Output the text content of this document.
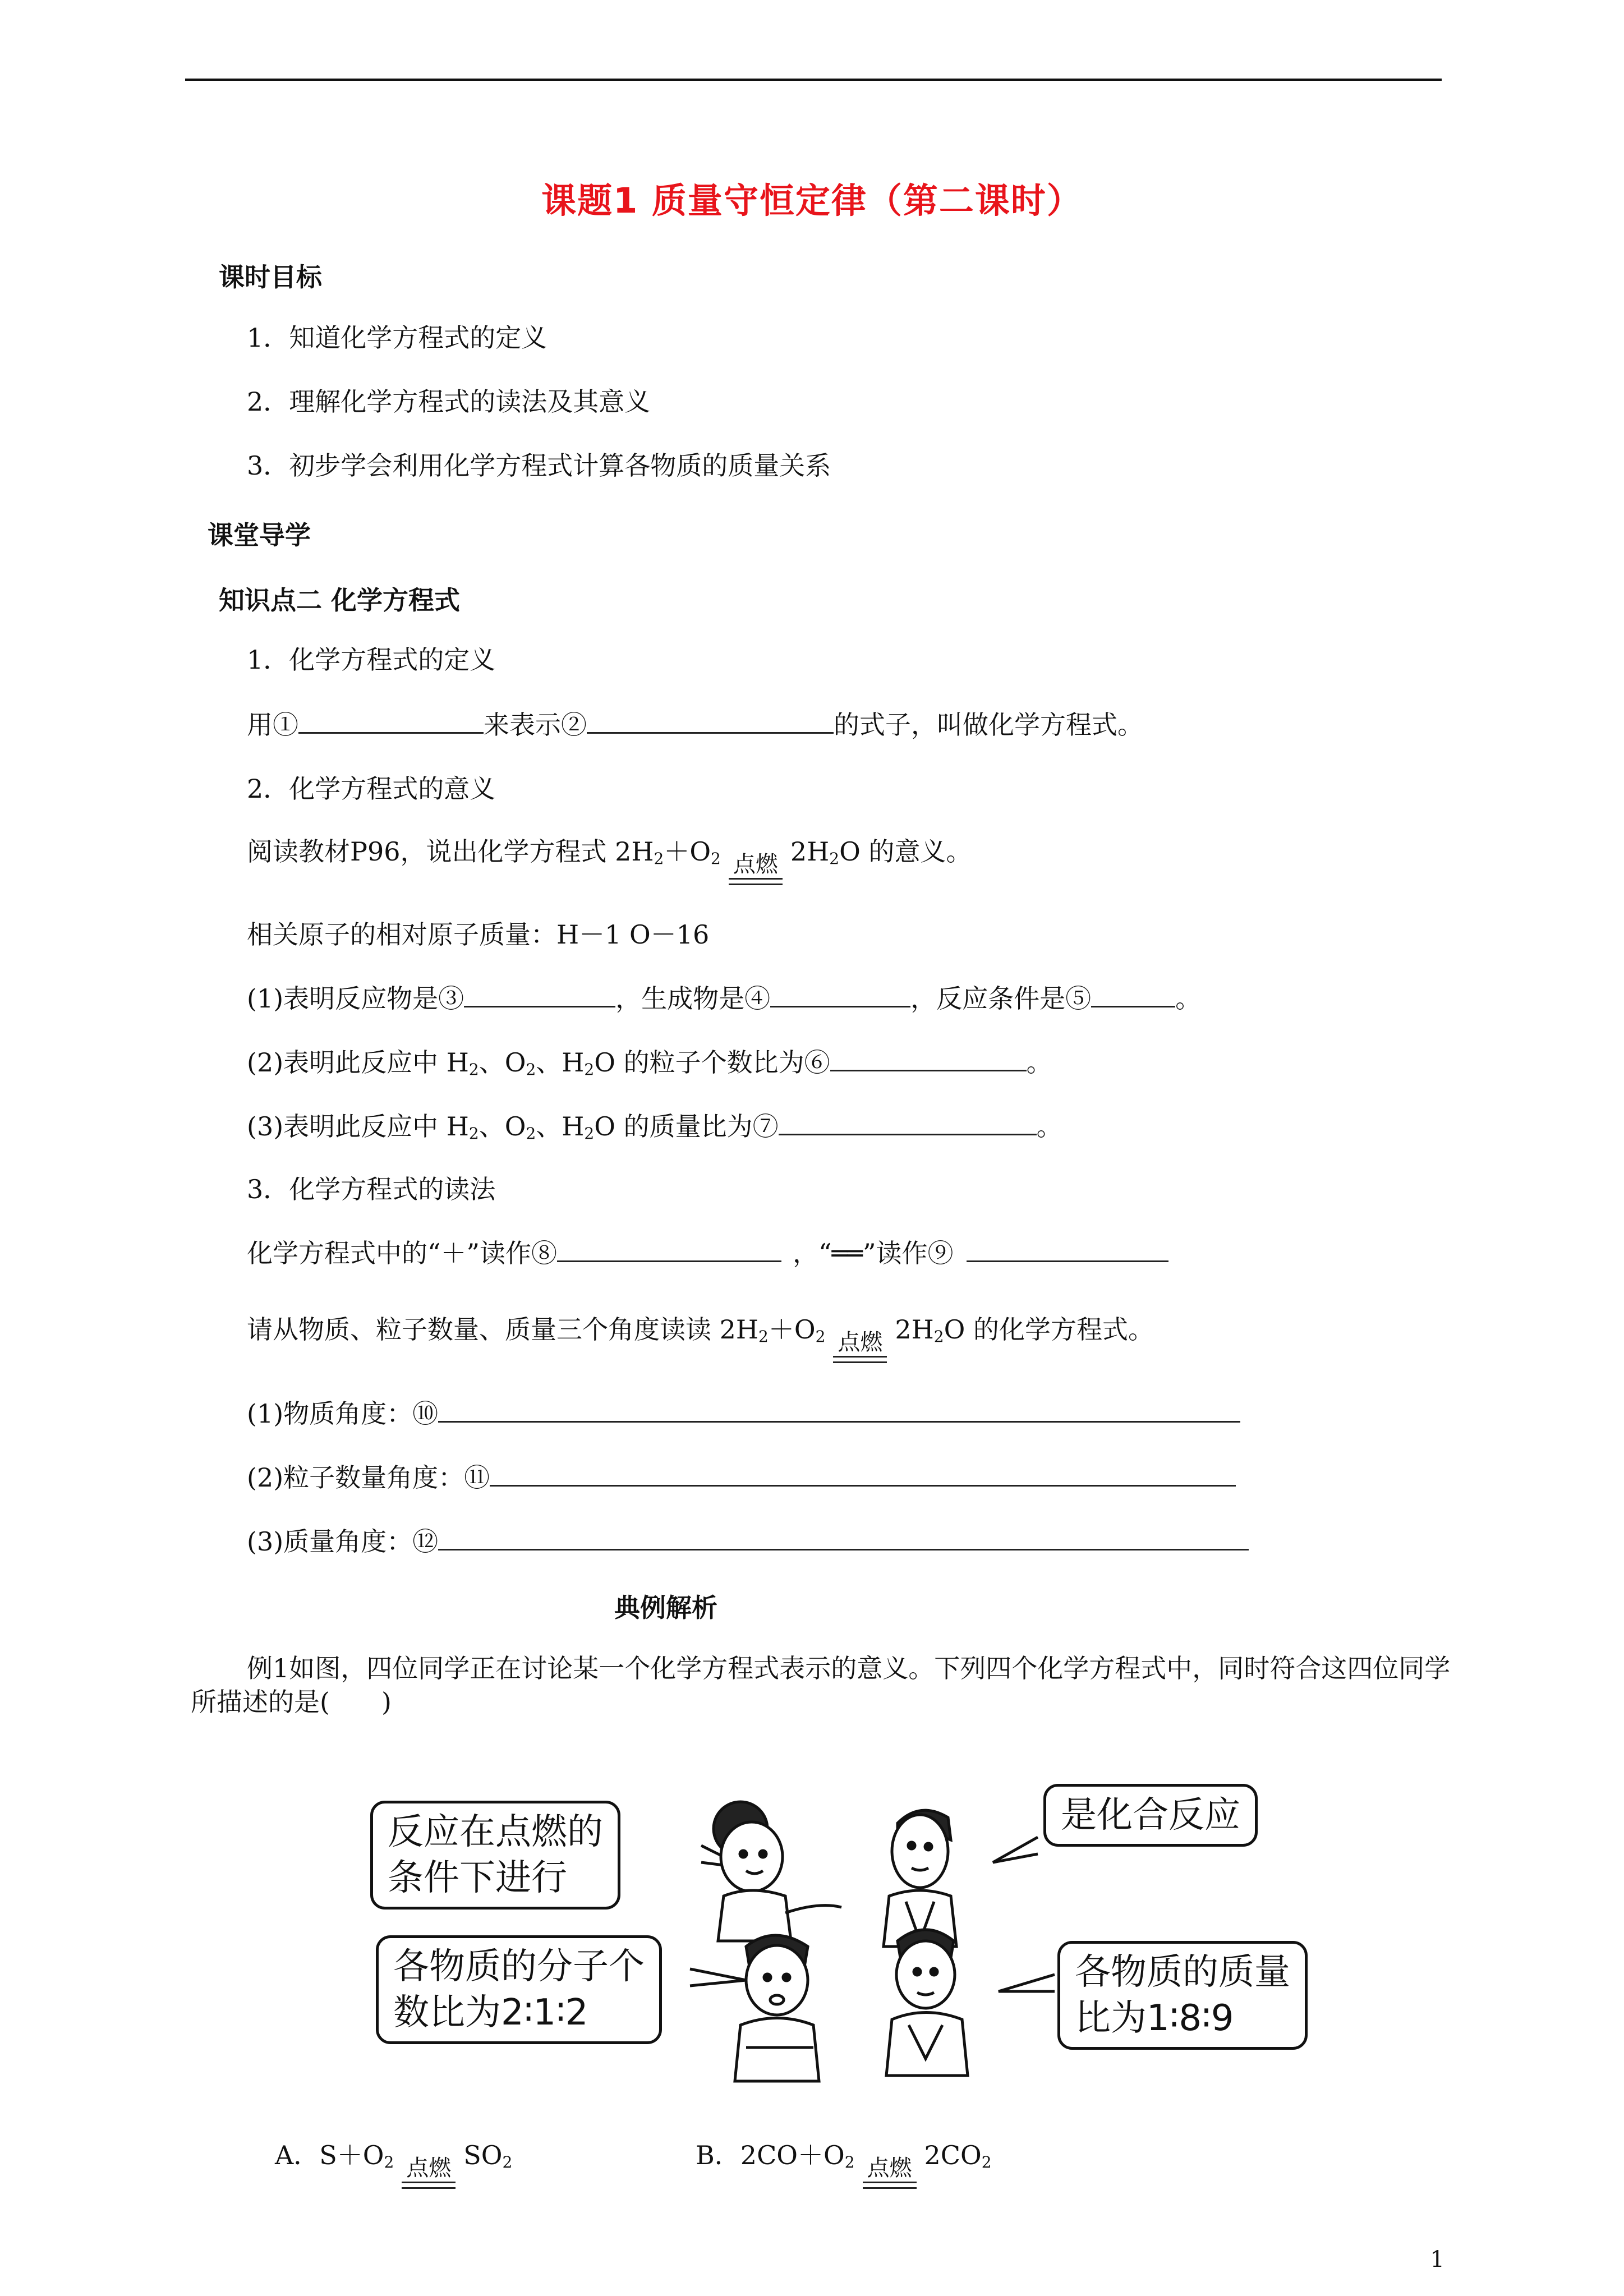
课题1 质量守恒定律（第二课时）
课时目标
1．知道化学方程式的定义
2．理解化学方程式的读法及其意义
3．初步学会利用化学方程式计算各物质的质量关系
课堂导学
知识点二 化学方程式
1．化学方程式的定义
用①	来表示②	的式子，叫做化学方程式。
2．化学方程式的意义
阅读教材P96，说出化学方程式 $2H_2+O_2$ 点燃 $2H_2O$ 的意义。
相关原子的相对原子质量：H－1 O－16
(1)表明反应物是③	，生成物是④	，反应条件是⑤	。
(2)表明此反应中 $H_2$、$O_2$、$H_2O$ 的粒子个数比为⑥	。
(3)表明此反应中 $H_2$、$O_2$、$H_2O$ 的质量比为⑦	。
3．化学方程式的读法
化学方程式中的“＋”读作⑧	，“══”读作⑨
请从物质、粒子数量、质量三个角度读读 $2H_2+O_2$ 点燃 $2H_2O$ 的化学方程式。
(1)物质角度：⑩
(2)粒子数量角度：⑪
(3)质量角度：⑫
典例解析
例1如图，四位同学正在讨论某一个化学方程式表示的意义。下列四个化学方程式中，同时符合这四位同学所描述的是(　　)
反应在点燃的
条件下进行
是化合反应
各物质的分子个
数比为2∶1∶2
各物质的质量
比为1∶8∶9
A．$S+O_2$ 点燃 $SO_2$	B．$2CO+O_2$ 点燃 $2CO_2$
1
